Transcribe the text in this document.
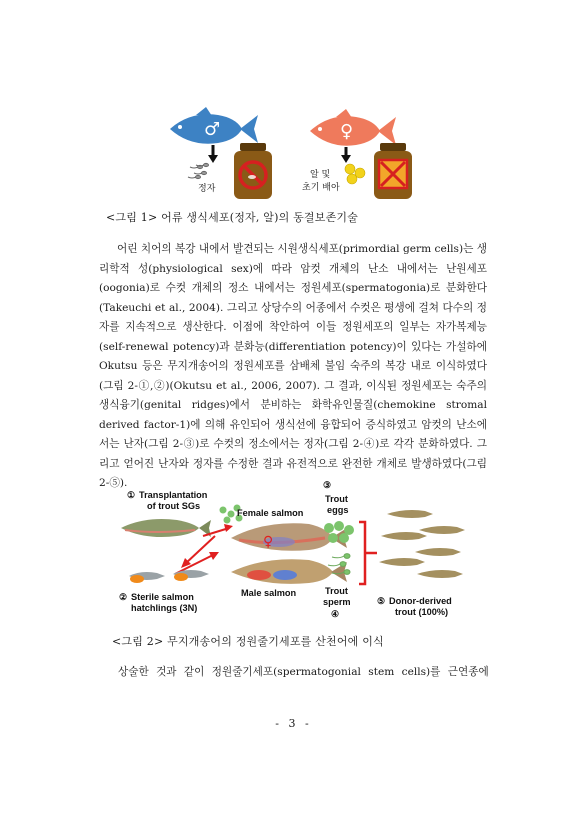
♂
정자
♀
알 및
초기 배아
<그림 1> 어류 생식세포(정자, 알)의 동결보존기술

어린 치어의 복강 내에서 발견되는 시원생식세포(primordial germ cells)는 생리학적 성(physiological sex)에 따라 암컷 개체의 난소 내에서는 난원세포(oogonia)로 수컷 개체의 정소 내에서는 정원세포(spermatogonia)로 분화한다(Takeuchi et al., 2004). 그리고 상당수의 어종에서 수컷은 평생에 걸쳐 다수의 정자를 지속적으로 생산한다. 이점에 착안하여 이들 정원세포의 일부는 자가복제능(self-renewal potency)과 분화능(differentiation potency)이 있다는 가설하에 Okutsu 등은 무지개송어의 정원세포를 삼배체 불임 숙주의 복강 내로 이식하였다(그림 2-①,②)(Okutsu et al., 2006, 2007). 그 결과, 이식된 정원세포는 숙주의 생식융기(genital ridges)에서 분비하는 화학유인물질(chemokine stromal derived factor-1)에 의해 유인되어 생식선에 융합되어 증식하였고 암컷의 난소에서는 난자(그림 2-③)로 수컷의 정소에서는 정자(그림 2-④)로 각각 분화하였다. 그리고 얻어진 난자와 정자를 수정한 결과 유전적으로 완전한 개체로 발생하였다(그림 2-⑤).

① Transplantation
of trout SGs
② Sterile salmon
hatchlings (3N)
Female salmon
♀
Male salmon
③
Trout
eggs
Trout
sperm
④
⑤ Donor-derived
trout (100%)
<그림 2> 무지개송어의 정원줄기세포를 산천어에 이식
상술한 것과 같이 정원줄기세포(spermatogonial stem cells)를 근연종에
- 3 -
